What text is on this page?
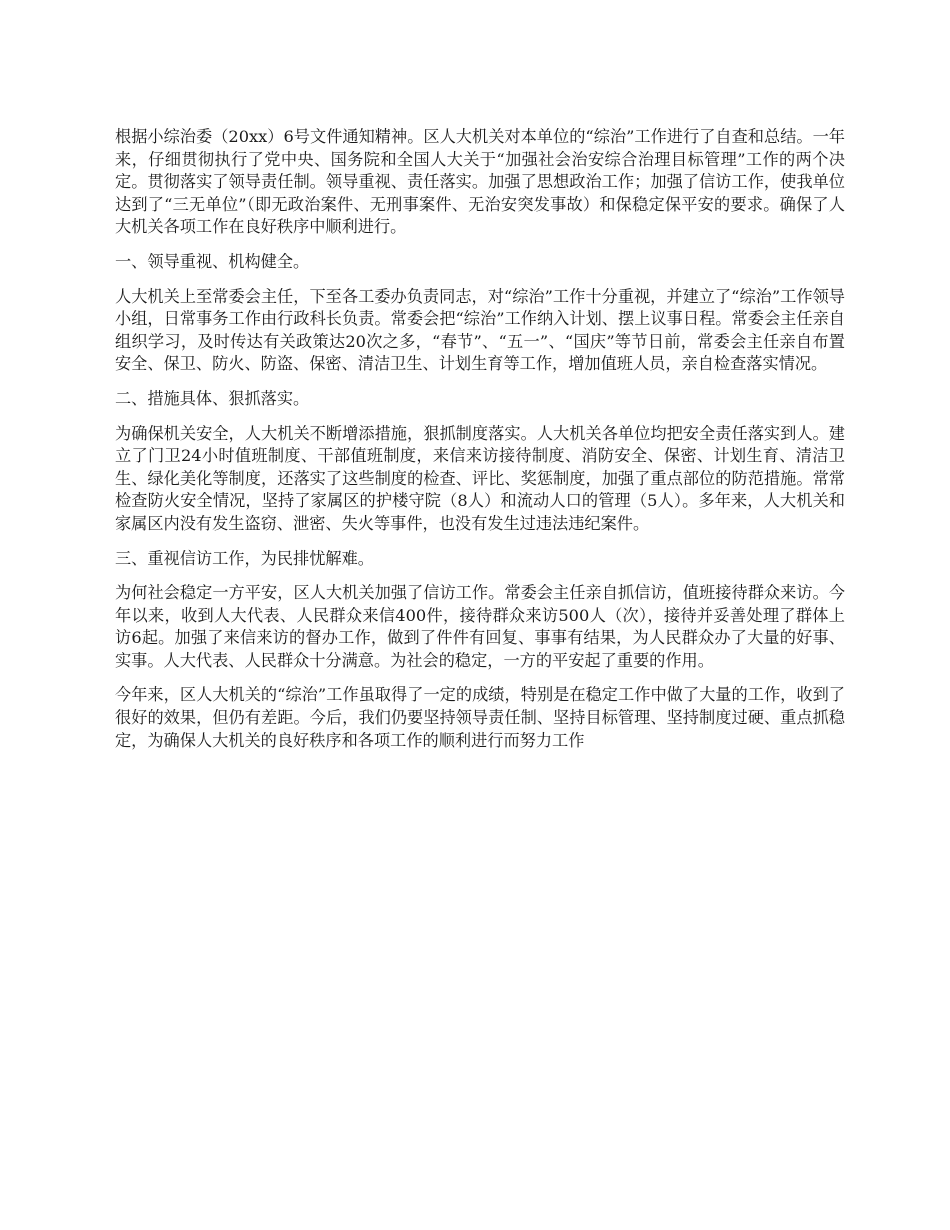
根据小综治委（20xx）6号文件通知精神。区人大机关对本单位的“综治”工作进行了自查和总结。一年来，仔细贯彻执行了党中央、国务院和全国人大关于“加强社会治安综合治理目标管理”工作的两个决定。贯彻落实了领导责任制。领导重视、责任落实。加强了思想政治工作；加强了信访工作，使我单位达到了“三无单位”（即无政治案件、无刑事案件、无治安突发事故）和保稳定保平安的要求。确保了人大机关各项工作在良好秩序中顺利进行。

一、领导重视、机构健全。

人大机关上至常委会主任，下至各工委办负责同志，对“综治”工作十分重视，并建立了“综治”工作领导小组，日常事务工作由行政科长负责。常委会把“综治”工作纳入计划、摆上议事日程。常委会主任亲自组织学习，及时传达有关政策达20次之多，“春节”、“五一”、“国庆”等节日前，常委会主任亲自布置安全、保卫、防火、防盗、保密、清洁卫生、计划生育等工作，增加值班人员，亲自检查落实情况。

二、措施具体、狠抓落实。

为确保机关安全，人大机关不断增添措施，狠抓制度落实。人大机关各单位均把安全责任落实到人。建立了门卫24小时值班制度、干部值班制度，来信来访接待制度、消防安全、保密、计划生育、清洁卫生、绿化美化等制度，还落实了这些制度的检查、评比、奖惩制度，加强了重点部位的防范措施。常常检查防火安全情况，坚持了家属区的护楼守院（8人）和流动人口的管理（5人）。多年来，人大机关和家属区内没有发生盗窃、泄密、失火等事件，也没有发生过违法违纪案件。

三、重视信访工作，为民排忧解难。

为何社会稳定一方平安，区人大机关加强了信访工作。常委会主任亲自抓信访，值班接待群众来访。今年以来，收到人大代表、人民群众来信400件，接待群众来访500人（次），接待并妥善处理了群体上访6起。加强了来信来访的督办工作，做到了件件有回复、事事有结果，为人民群众办了大量的好事、实事。人大代表、人民群众十分满意。为社会的稳定，一方的平安起了重要的作用。

今年来，区人大机关的“综治”工作虽取得了一定的成绩，特别是在稳定工作中做了大量的工作，收到了很好的效果，但仍有差距。今后，我们仍要坚持领导责任制、坚持目标管理、坚持制度过硬、重点抓稳定，为确保人大机关的良好秩序和各项工作的顺利进行而努力工作
